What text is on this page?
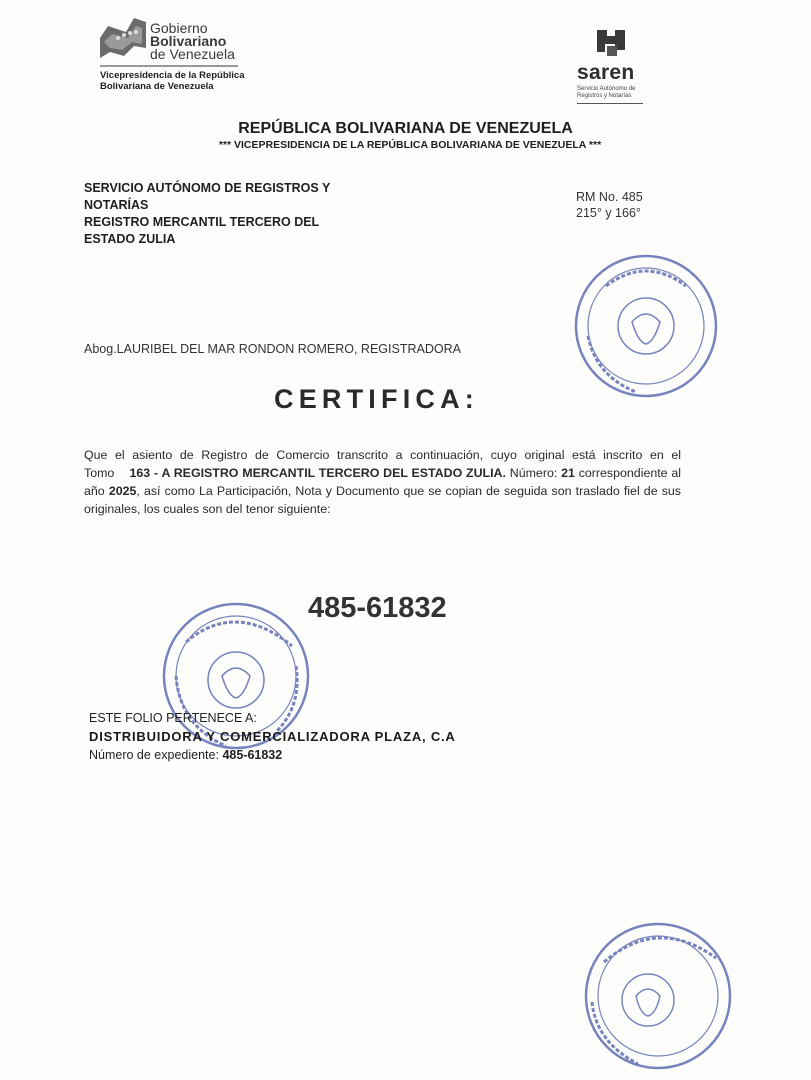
Gobierno
Bolivariano
de Venezuela
Vicepresidencia de la República
Bolivariana de Venezuela
saren
Servicio Autónomo de
Registros y Notarías
REPÚBLICA BOLIVARIANA DE VENEZUELA
*** VICEPRESIDENCIA DE LA REPÚBLICA BOLIVARIANA DE VENEZUELA ***
SERVICIO AUTÓNOMO DE REGISTROS Y
NOTARÍAS
REGISTRO MERCANTIL TERCERO DEL
ESTADO ZULIA
RM No. 485
215° y 166°
Abog.LAURIBEL DEL MAR RONDON ROMERO, REGISTRADORA
CERTIFICA:
Que el asiento de Registro de Comercio transcrito a continuación, cuyo original está inscrito en el Tomo 163 - A REGISTRO MERCANTIL TERCERO DEL ESTADO ZULIA. Número: 21 correspondiente al año 2025, así como La Participación, Nota y Documento que se copian de seguida son traslado fiel de sus originales, los cuales son del tenor siguiente:
485-61832
ESTE FOLIO PERTENECE A:
DISTRIBUIDORA Y COMERCIALIZADORA PLAZA, C.A
Número de expediente: 485-61832
